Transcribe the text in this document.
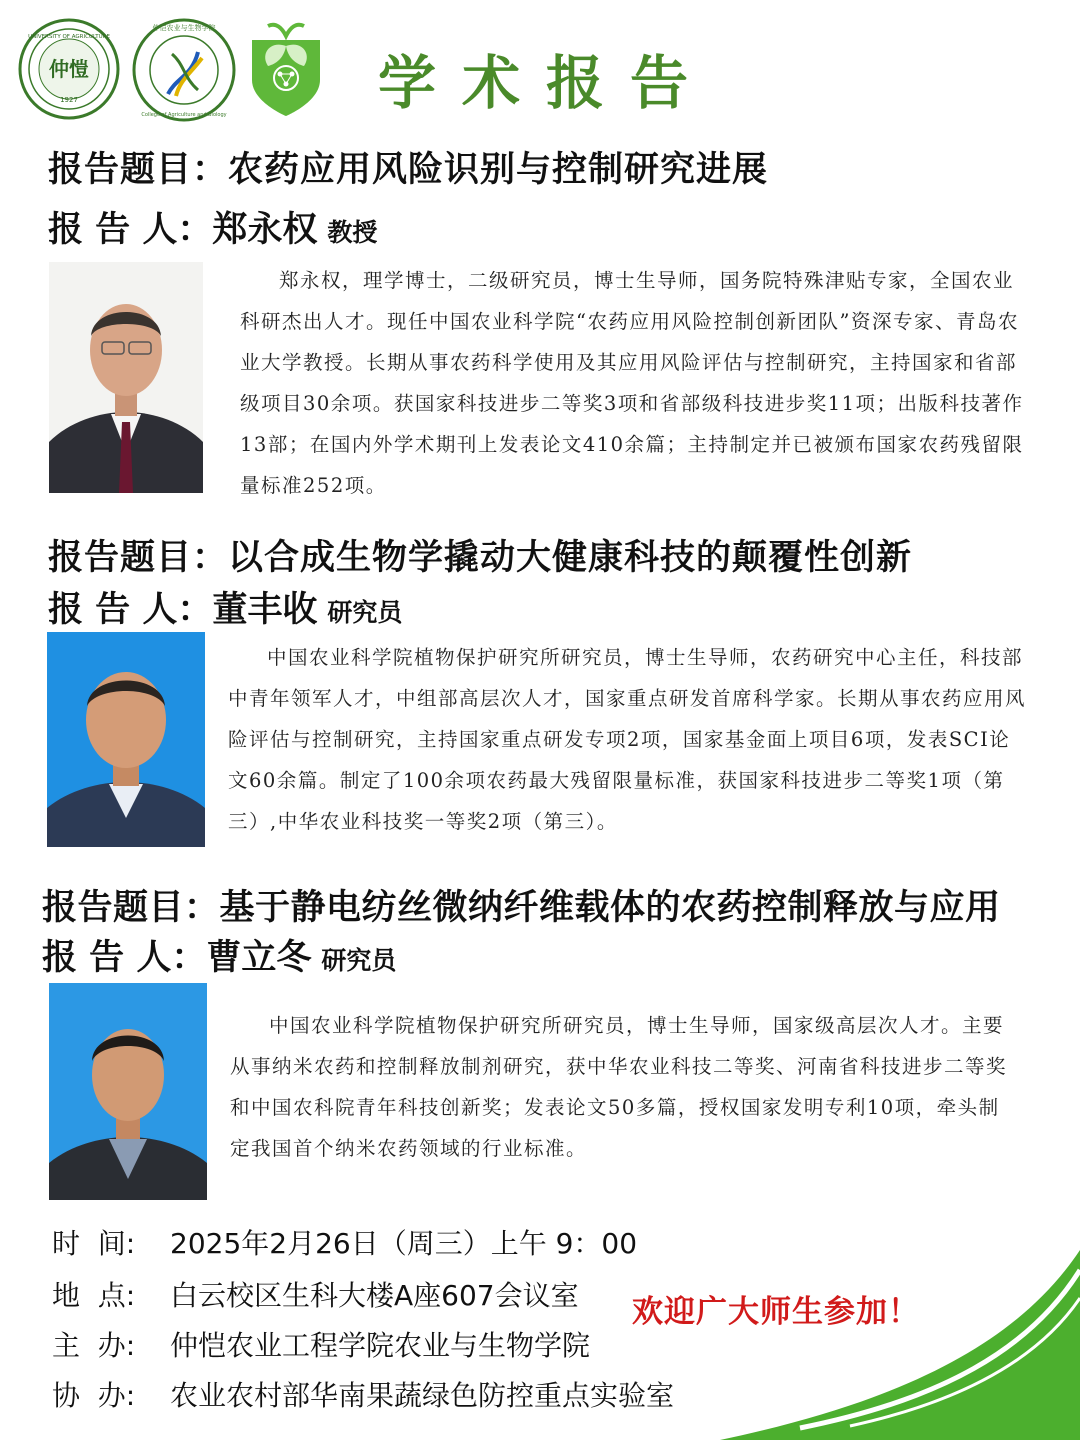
仲愷
1927
UNIVERSITY OF AGRICULTURE
仲恺农业与生物学院
College of Agriculture and Biology	学术报告
报告题目：农药应用风险识别与控制研究进展
报 告 人：郑永权 教授

郑永权，理学博士，二级研究员，博士生导师，国务院特殊津贴专家，全国农业科研杰出人才。现任中国农业科学院“农药应用风险控制创新团队”资深专家、青岛农业大学教授。长期从事农药科学使用及其应用风险评估与控制研究，主持国家和省部级项目30余项。获国家科技进步二等奖3项和省部级科技进步奖11项；出版科技著作13部；在国内外学术期刊上发表论文410余篇；主持制定并已被颁布国家农药残留限量标准252项。

报告题目：以合成生物学撬动大健康科技的颠覆性创新
报 告 人：董丰收 研究员

中国农业科学院植物保护研究所研究员，博士生导师，农药研究中心主任，科技部中青年领军人才，中组部高层次人才，国家重点研发首席科学家。长期从事农药应用风险评估与控制研究，主持国家重点研发专项2项，国家基金面上项目6项，发表SCI论文60余篇。制定了100余项农药最大残留限量标准，获国家科技进步二等奖1项（第三）,中华农业科技奖一等奖2项（第三）。

报告题目：基于静电纺丝微纳纤维载体的农药控制释放与应用
报 告 人：曹立冬 研究员

中国农业科学院植物保护研究所研究员，博士生导师，国家级高层次人才。主要从事纳米农药和控制释放制剂研究，获中华农业科技二等奖、河南省科技进步二等奖和中国农科院青年科技创新奖；发表论文50多篇，授权国家发明专利10项，牵头制定我国首个纳米农药领域的行业标准。

时  间: 2025年2月26日（周三）上午 9：00
地  点: 白云校区生科大楼A座607会议室
主  办: 仲恺农业工程学院农业与生物学院
协  办: 农业农村部华南果蔬绿色防控重点实验室
欢迎广大师生参加！
